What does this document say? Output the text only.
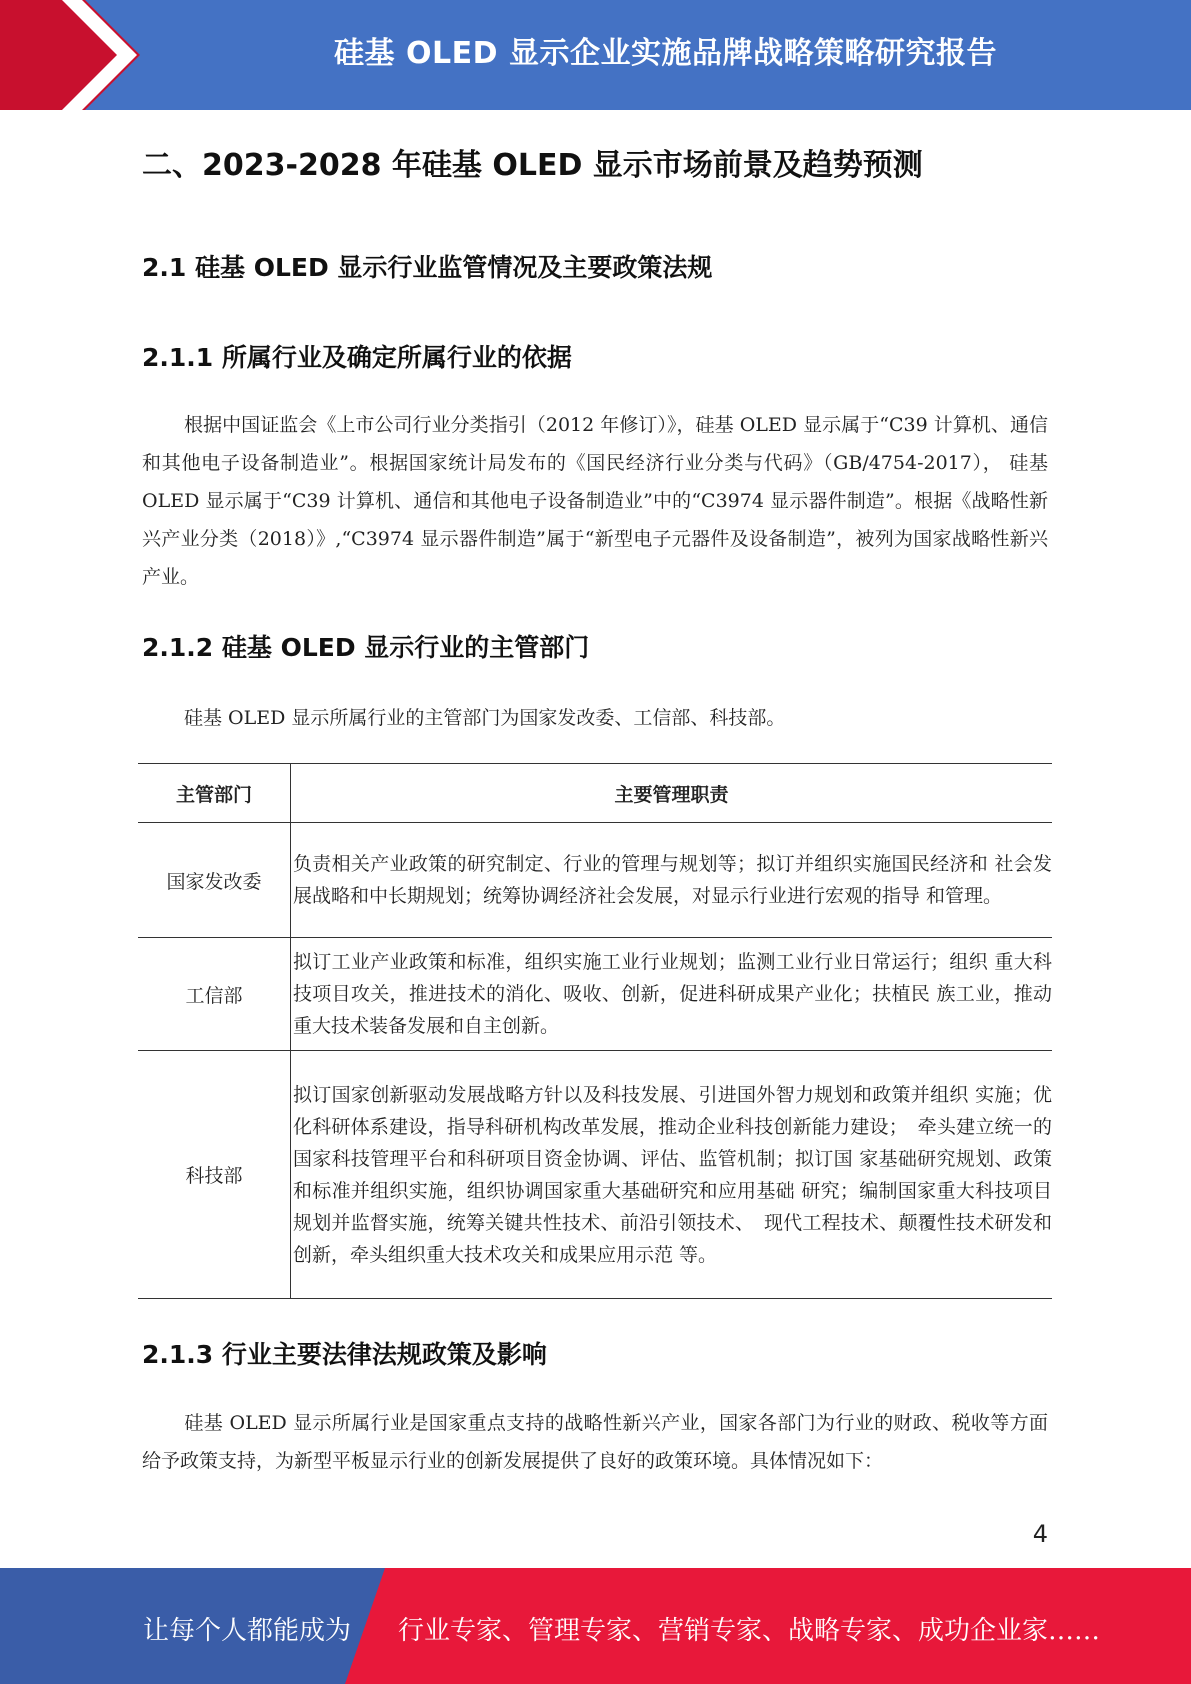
硅基 OLED 显示企业实施品牌战略策略研究报告
二、2023-2028 年硅基 OLED 显示市场前景及趋势预测
2.1 硅基 OLED 显示行业监管情况及主要政策法规
2.1.1 所属行业及确定所属行业的依据
根据中国证监会《上市公司行业分类指引（2012 年修订）》，硅基 OLED 显示属于“C39 计算机、通信和其他电子设备制造业”。根据国家统计局发布的《国民经济行业分类与代码》（GB/4754-2017）， 硅基 OLED 显示属于“C39 计算机、通信和其他电子设备制造业”中的“C3974 显示器件制造”。根据《战略性新兴产业分类（2018）》,“C3974 显示器件制造”属于“新型电子元器件及设备制造”，被列为国家战略性新兴产业。
2.1.2 硅基 OLED 显示行业的主管部门
硅基 OLED 显示所属行业的主管部门为国家发改委、工信部、科技部。
主管部门	主要管理职责
国家发改委	负责相关产业政策的研究制定、行业的管理与规划等；拟订并组织实施国民经济和 社会发展战略和中长期规划；统筹协调经济社会发展，对显示行业进行宏观的指导 和管理。
工信部	拟订工业产业政策和标准，组织实施工业行业规划；监测工业行业日常运行；组织 重大科技项目攻关，推进技术的消化、吸收、创新，促进科研成果产业化；扶植民 族工业，推动重大技术装备发展和自主创新。
科技部	拟订国家创新驱动发展战略方针以及科技发展、引进国外智力规划和政策并组织 实施；优化科研体系建设，指导科研机构改革发展，推动企业科技创新能力建设；　牵头建立统一的国家科技管理平台和科研项目资金协调、评估、监管机制；拟订国 家基础研究规划、政策和标准并组织实施，组织协调国家重大基础研究和应用基础 研究；编制国家重大科技项目规划并监督实施，统筹关键共性技术、前沿引领技术、　现代工程技术、颠覆性技术研发和创新，牵头组织重大技术攻关和成果应用示范 等。
2.1.3 行业主要法律法规政策及影响
硅基 OLED 显示所属行业是国家重点支持的战略性新兴产业，国家各部门为行业的财政、税收等方面给予政策支持，为新型平板显示行业的创新发展提供了良好的政策环境。具体情况如下：
4
让每个人都能成为 行业专家、管理专家、营销专家、战略专家、成功企业家……
